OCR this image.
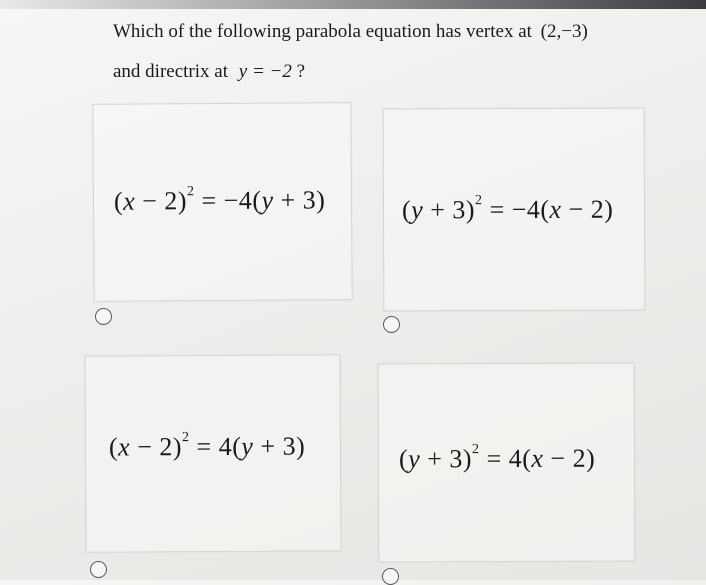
Which of the following parabola equation has vertex at (2,−3)
and directrix at y = −2 ?
$(x - 2)^2 = -4(y + 3)$	$(y + 3)^2 = -4(x - 2)$
$(x - 2)^2 = 4(y + 3)$	$(y + 3)^2 = 4(x - 2)$
